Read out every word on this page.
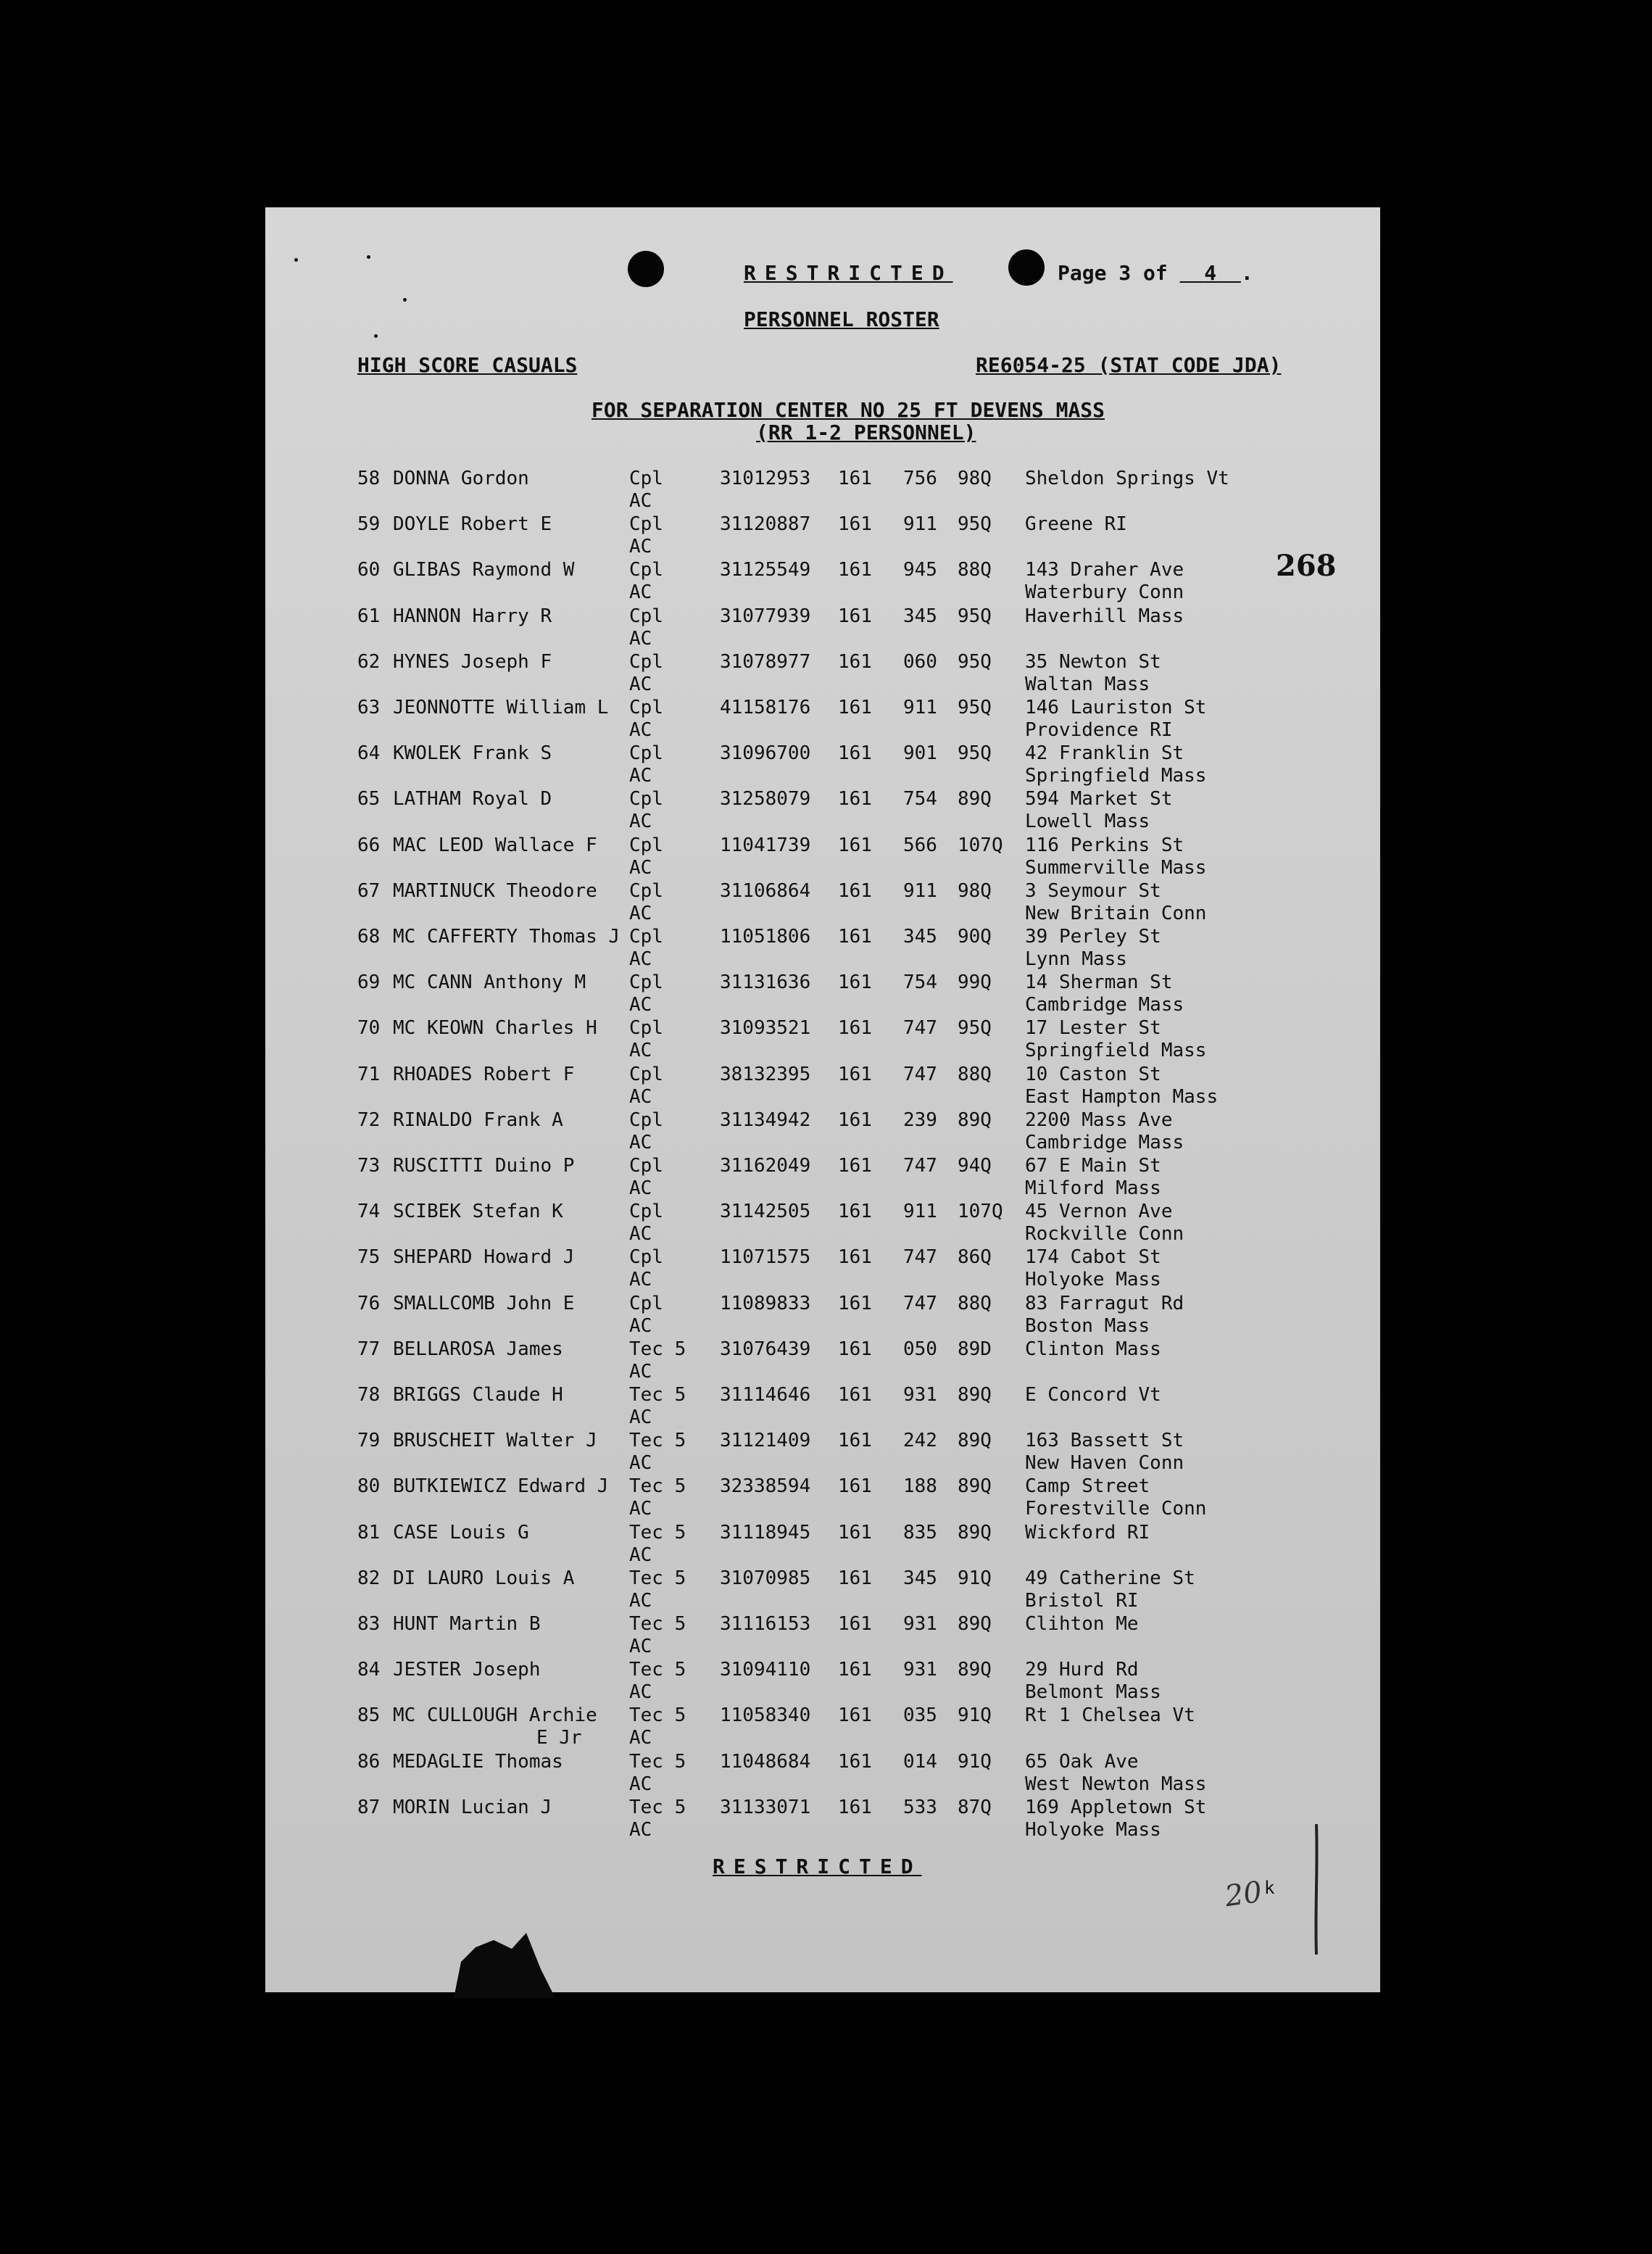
RESTRICTED	Page 3 of 4 .
PERSONNEL ROSTER
HIGH SCORE CASUALS	RE6054-25 (STAT CODE JDA)
FOR SEPARATION CENTER NO 25 FT DEVENS MASS
(RR 1-2 PERSONNEL)
58 DONNA Gordon	Cpl	31012953 161 756 98Q Sheldon Springs Vt
AC
59 DOYLE Robert E	Cpl	31120887 161 911 95Q Greene RI
AC
60 GLIBAS Raymond W	Cpl	31125549 161 945 88Q 143 Draher Ave
AC	Waterbury Conn
61 HANNON Harry R	Cpl	31077939 161 345 95Q Haverhill Mass
AC
62 HYNES Joseph F	Cpl	31078977 161 060 95Q 35 Newton St
AC	Waltan Mass
63 JEONNOTTE William L Cpl	41158176 161 911 95Q 146 Lauriston St
AC	Providence RI
64 KWOLEK Frank S	Cpl	31096700 161 901 95Q 42 Franklin St
AC	Springfield Mass
65 LATHAM Royal D	Cpl	31258079 161 754 89Q 594 Market St
AC	Lowell Mass
66 MAC LEOD Wallace F Cpl	11041739 161 566 107Q 116 Perkins St
AC	Summerville Mass
67 MARTINUCK Theodore Cpl	31106864 161 911 98Q 3 Seymour St
AC	New Britain Conn
68 MC CAFFERTY Thomas J Cpl	11051806 161 345 90Q 39 Perley St
AC	Lynn Mass
69 MC CANN Anthony M Cpl	31131636 161 754 99Q 14 Sherman St
AC	Cambridge Mass
70 MC KEOWN Charles H Cpl	31093521 161 747 95Q 17 Lester St
AC	Springfield Mass
71 RHOADES Robert F	Cpl	38132395 161 747 88Q 10 Caston St
AC	East Hampton Mass
72 RINALDO Frank A	Cpl	31134942 161 239 89Q 2200 Mass Ave
AC	Cambridge Mass
73 RUSCITTI Duino P	Cpl	31162049 161 747 94Q 67 E Main St
AC	Milford Mass
74 SCIBEK Stefan K	Cpl	31142505 161 911 107Q 45 Vernon Ave
AC	Rockville Conn
75 SHEPARD Howard J	Cpl	11071575 161 747 86Q 174 Cabot St
AC	Holyoke Mass
76 SMALLCOMB John E	Cpl	11089833 161 747 88Q 83 Farragut Rd
AC	Boston Mass
77 BELLAROSA James	Tec 5 31076439 161 050 89D Clinton Mass
AC
78 BRIGGS Claude H	Tec 5 31114646 161 931 89Q E Concord Vt
AC
79 BRUSCHEIT Walter J Tec 5 31121409 161 242 89Q 163 Bassett St
AC	New Haven Conn
80 BUTKIEWICZ Edward J Tec 5 32338594 161 188 89Q Camp Street
AC	Forestville Conn
81 CASE Louis G	Tec 5 31118945 161 835 89Q Wickford RI
AC
82 DI LAURO Louis A	Tec 5 31070985 161 345 91Q 49 Catherine St
AC	Bristol RI
83 HUNT Martin B	Tec 5 31116153 161 931 89Q Clihton Me
AC
84 JESTER Joseph	Tec 5 31094110 161 931 89Q 29 Hurd Rd
AC	Belmont Mass
85 MC CULLOUGH Archie Tec 5 11058340 161 035 91Q Rt 1 Chelsea Vt
AC
E Jr
86 MEDAGLIE Thomas	Tec 5 11048684 161 014 91Q 65 Oak Ave
AC	West Newton Mass
87 MORIN Lucian J	Tec 5 31133071 161 533 87Q 169 Appletown St
AC	Holyoke Mass
RESTRICTED
k
268
20
